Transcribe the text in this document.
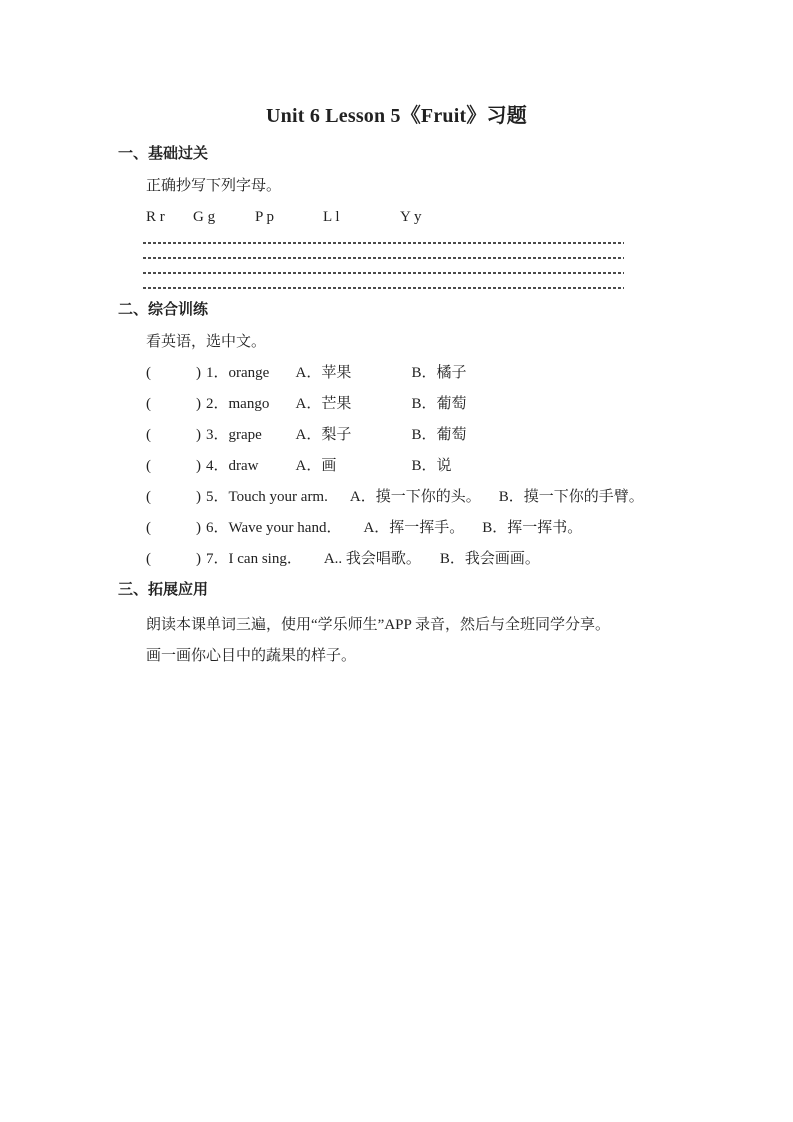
Unit 6 Lesson 5《Fruit》习题
一、基础过关

正确抄写下列字母。

R r G g	P p	L l	Y y
二、综合训练

看英语，选中文。

(            ) 1． orange A．苹果	B．橘子
(            ) 2． mango A．芒果	B．葡萄
(            ) 3． grape	A．梨子	B．葡萄
(            ) 4． draw	A．画	B．说
(            ) 5． Touch your arm. A．摸一下你的头。 B．摸一下你的手臂。
(            ) 6． Wave your hand． A．挥一挥手。 B．挥一挥书。
(            ) 7． I can sing． A.. 我会唱歌。 B．我会画画。
三、拓展应用

朗读本课单词三遍，使用“学乐师生”APP 录音，然后与全班同学分享。

画一画你心目中的蔬果的样子。
